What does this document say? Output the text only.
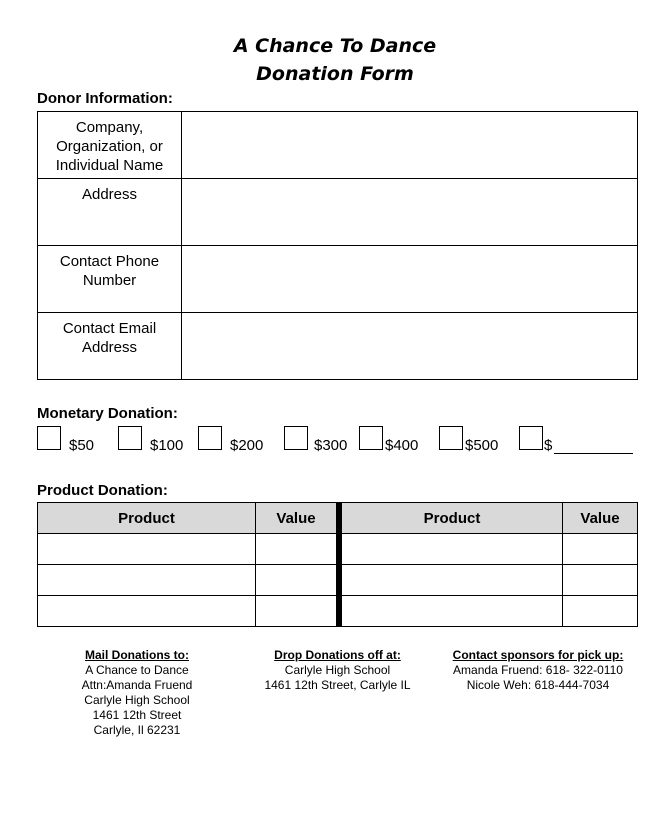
A Chance To Dance
Donation Form
Donor Information:
Company, Organization, or Individual Name	

Address	

Contact Phone Number	

Contact Email Address	

Monetary Donation:
$50	$100	$200	$300	$400	$500	$
Product Donation:
Product	Value	Product	Value

Mail Donations to:
A Chance to Dance
Attn:Amanda Fruend
Carlyle High School
1461 12th Street
Carlyle, Il 62231
Drop Donations off at:
Carlyle High School
1461 12th Street, Carlyle IL
Contact sponsors for pick up:
Amanda Fruend: 618- 322-0110
Nicole Weh: 618-444-7034
